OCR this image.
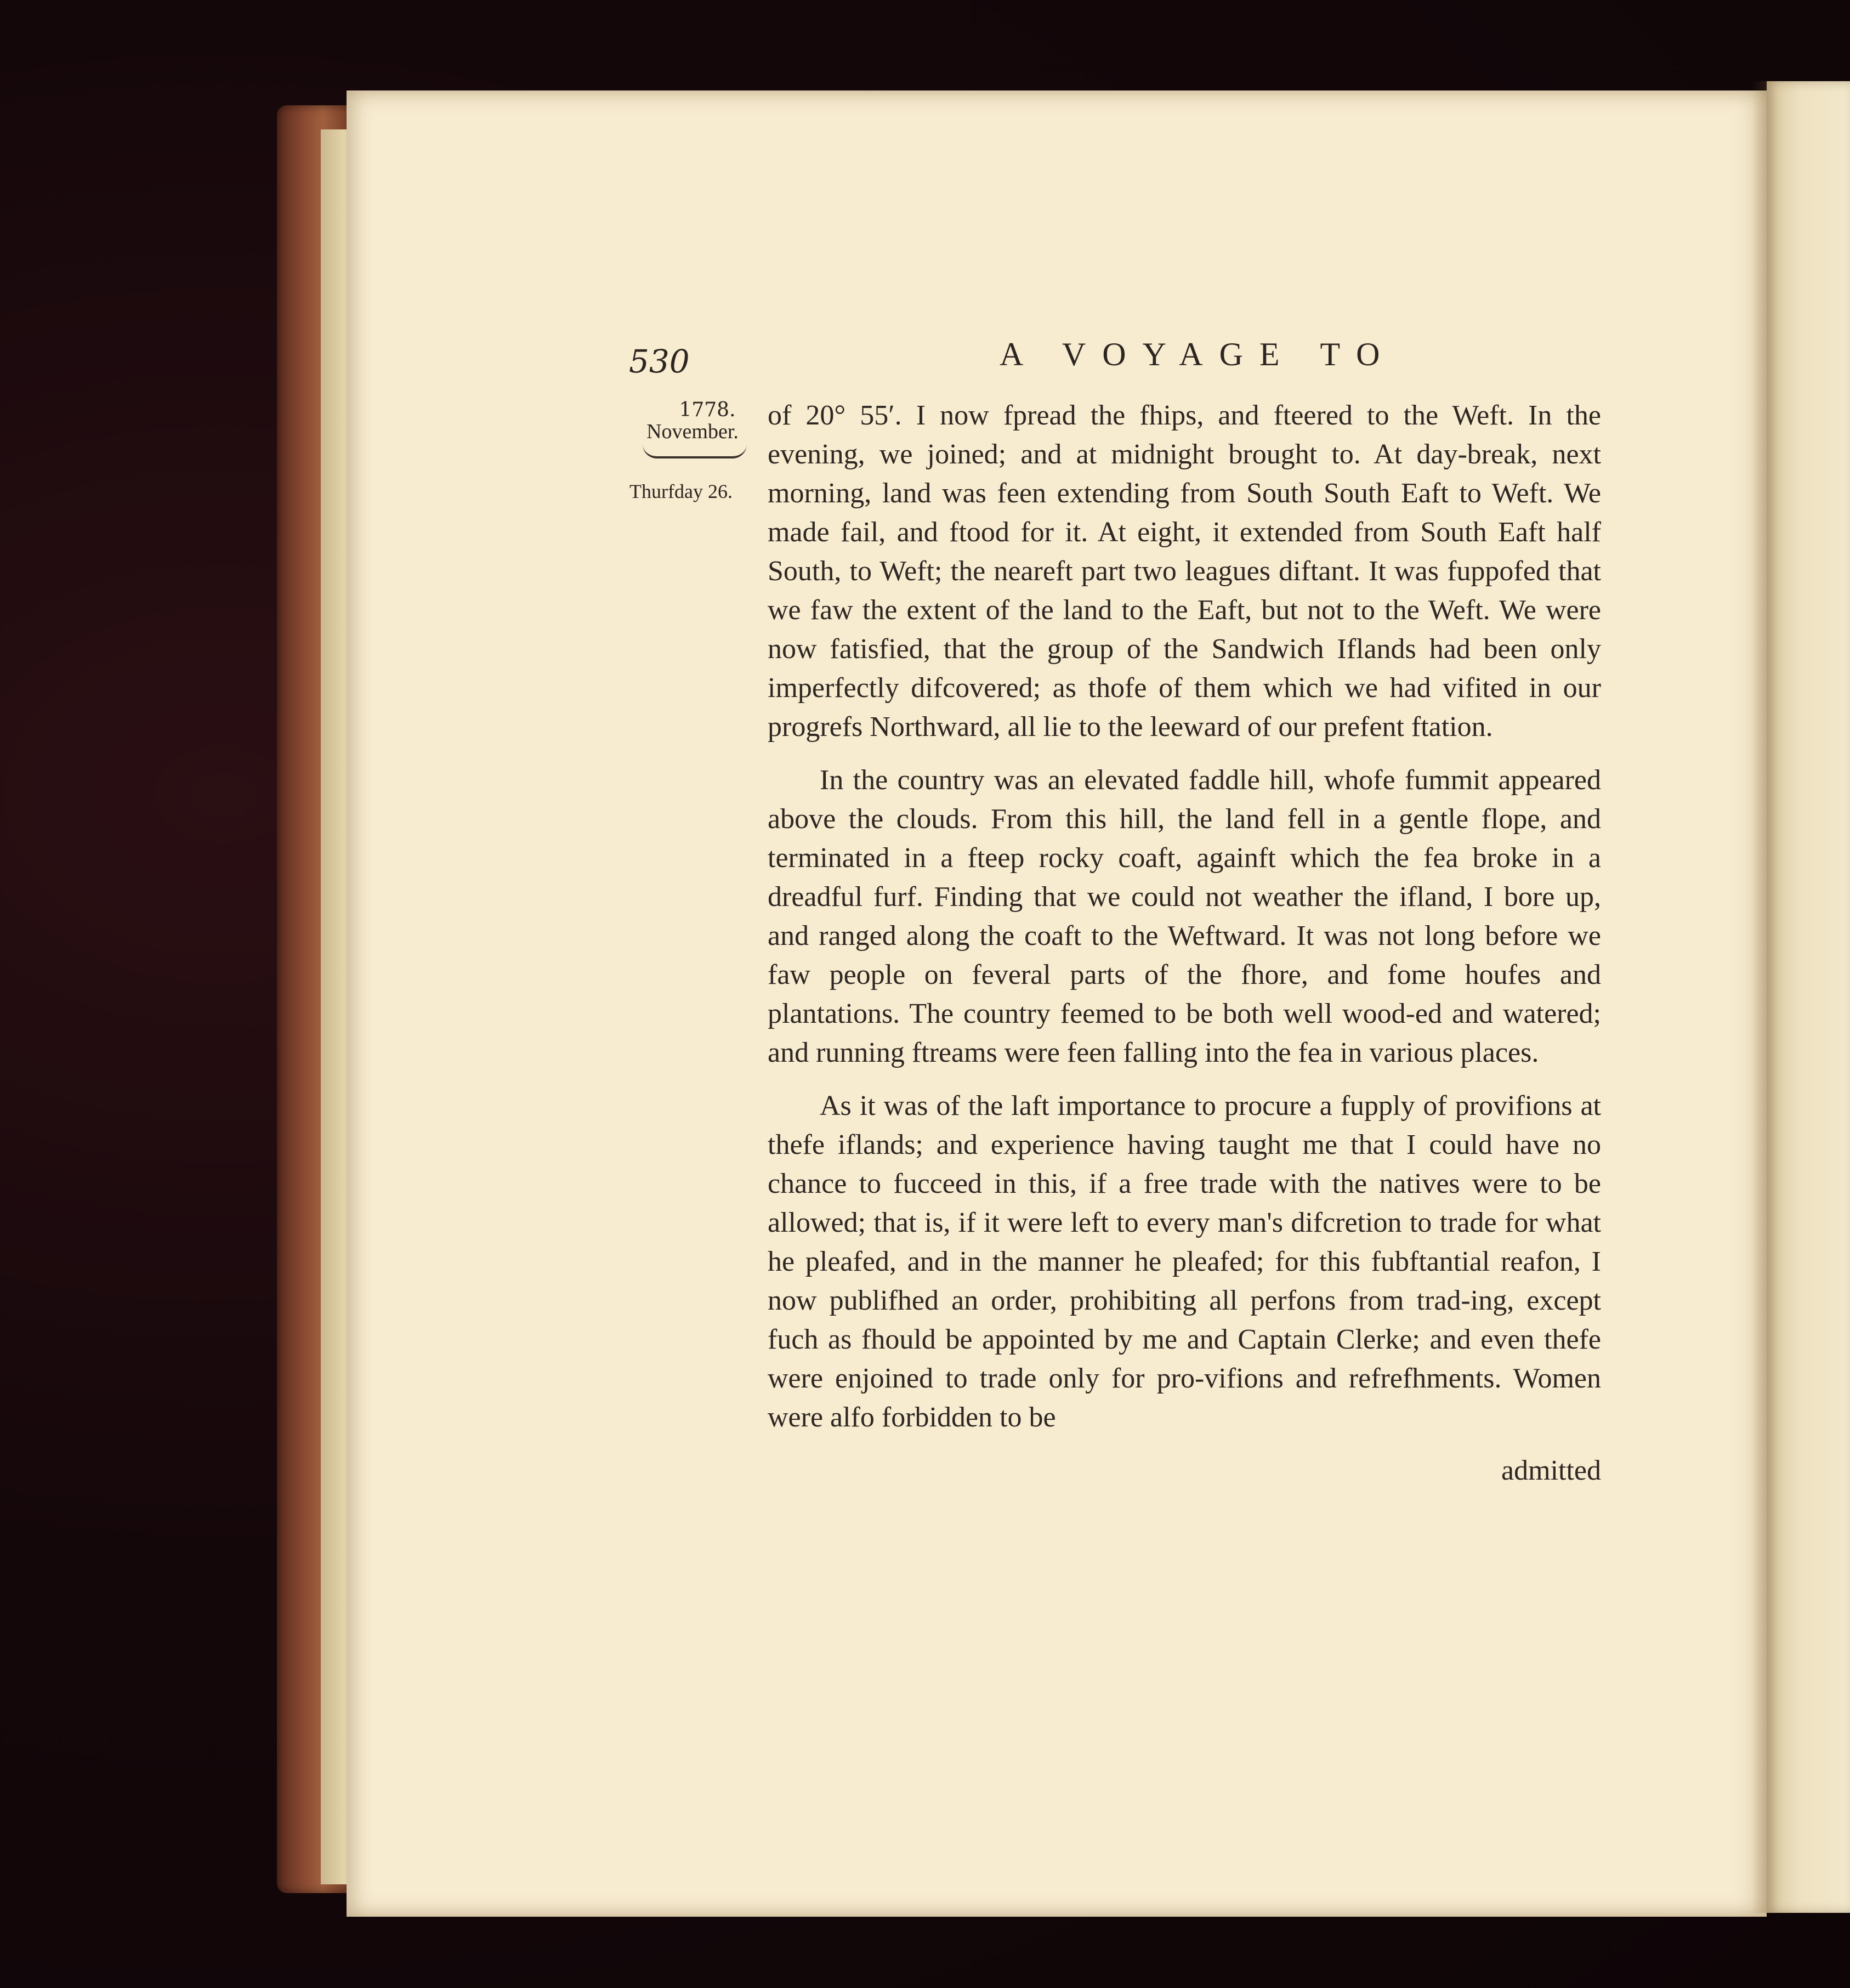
530	A VOYAGE TO
1778.
November.
Thurfday 26.

of 20° 55′. I now fpread the fhips, and fteered to the Weft. In the evening, we joined; and at midnight brought to. At day-break, next morning, land was feen extending from South South Eaft to Weft. We made fail, and ftood for it. At eight, it extended from South Eaft half South, to Weft; the neareft part two leagues diftant. It was fuppofed that we faw the extent of the land to the Eaft, but not to the Weft. We were now fatisfied, that the group of the Sandwich Iflands had been only imperfectly difcovered; as thofe of them which we had vifited in our progrefs Northward, all lie to the leeward of our prefent ftation.

In the country was an elevated faddle hill, whofe fummit appeared above the clouds. From this hill, the land fell in a gentle flope, and terminated in a fteep rocky coaft, againft which the fea broke in a dreadful furf. Finding that we could not weather the ifland, I bore up, and ranged along the coaft to the Weftward. It was not long before we faw people on feveral parts of the fhore, and fome houfes and plantations. The country feemed to be both well wood-ed and watered; and running ftreams were feen falling into the fea in various places.

As it was of the laft importance to procure a fupply of provifions at thefe iflands; and experience having taught me that I could have no chance to fucceed in this, if a free trade with the natives were to be allowed; that is, if it were left to every man's difcretion to trade for what he pleafed, and in the manner he pleafed; for this fubftantial reafon, I now publifhed an order, prohibiting all perfons from trad-ing, except fuch as fhould be appointed by me and Captain Clerke; and even thefe were enjoined to trade only for pro-vifions and refrefhments. Women were alfo forbidden to be

admitted
